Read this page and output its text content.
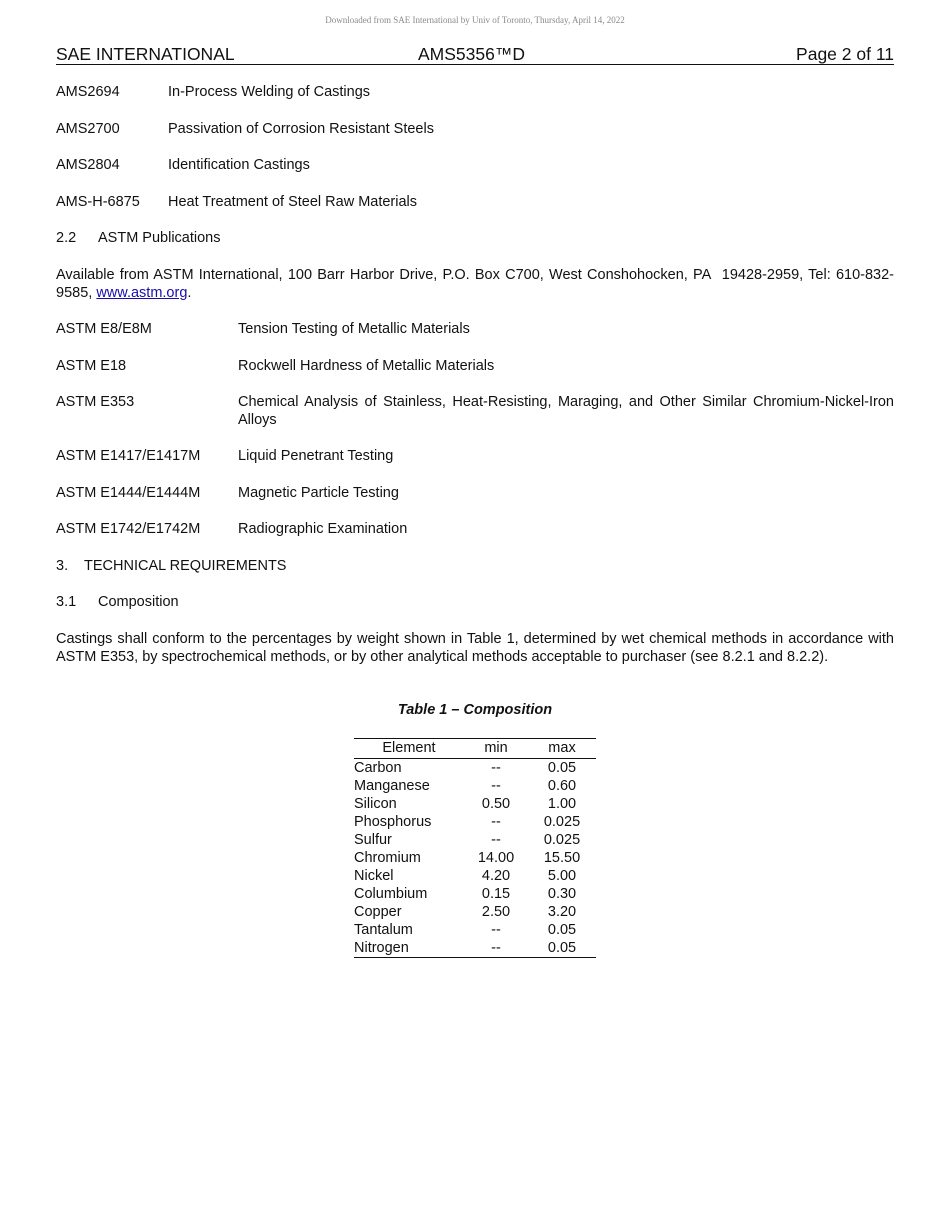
Downloaded from SAE International by Univ of Toronto, Thursday, April 14, 2022
SAE INTERNATIONAL	AMS5356™D	Page 2 of 11
AMS2694	In-Process Welding of Castings
AMS2700	Passivation of Corrosion Resistant Steels
AMS2804	Identification Castings
AMS-H-6875 Heat Treatment of Steel Raw Materials
2.2 ASTM Publications
Available from ASTM International, 100 Barr Harbor Drive, P.O. Box C700, West Conshohocken, PA  19428-2959, Tel: 610-832-9585, www.astm.org.
ASTM E8/E8M	Tension Testing of Metallic Materials
ASTM E18	Rockwell Hardness of Metallic Materials
ASTM E353	Chemical Analysis of Stainless, Heat-Resisting, Maraging, and Other Similar Chromium-Nickel-Iron Alloys
ASTM E1417/E1417M	Liquid Penetrant Testing
ASTM E1444/E1444M	Magnetic Particle Testing
ASTM E1742/E1742M	Radiographic Examination
3. TECHNICAL REQUIREMENTS
3.1 Composition
Castings shall conform to the percentages by weight shown in Table 1, determined by wet chemical methods in accordance with ASTM E353, by spectrochemical methods, or by other analytical methods acceptable to purchaser (see 8.2.1 and 8.2.2).
Table 1 – Composition
Element	min	max
Carbon	--	0.05
Manganese	--	0.60
Silicon	0.50	1.00
Phosphorus	--	0.025
Sulfur	--	0.025
Chromium	14.00	15.50
Nickel	4.20	5.00
Columbium	0.15	0.30
Copper	2.50	3.20
Tantalum	--	0.05
Nitrogen	--	0.05
